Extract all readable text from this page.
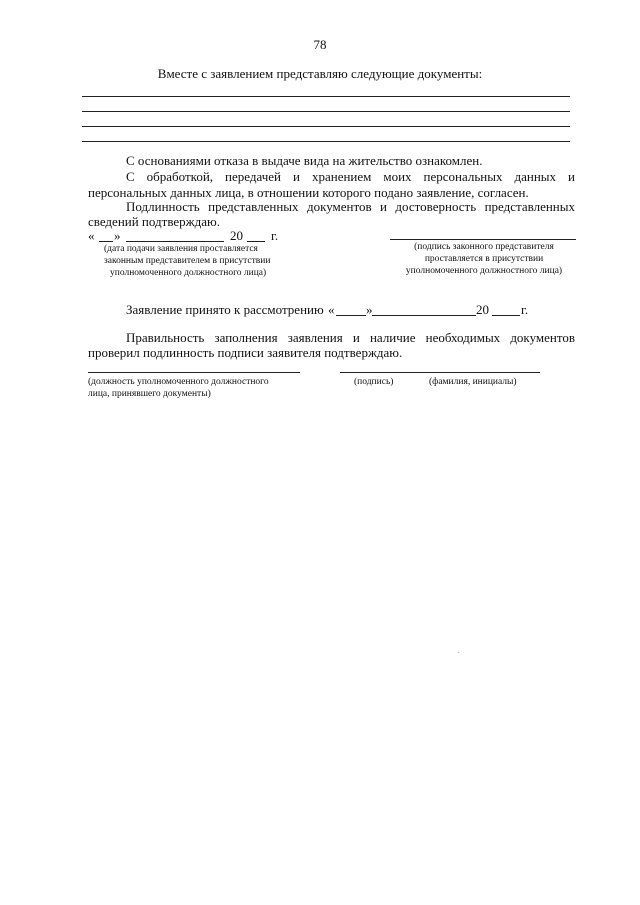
78
Вместе с заявлением представляю следующие документы:
С основаниями отказа в выдаче вида на жительство ознакомлен.
С обработкой, передачей и хранением моих персональных данных и
персональных данных лица, в отношении которого подано заявление, согласен.
Подлинность представленных документов и достоверность представленных
сведений подтверждаю.
« »	20 г.
(дата подачи заявления проставляется
законным представителем в присутствии
уполномоченного должностного лица)
(подпись законного представителя
проставляется в присутствии
уполномоченного должностного лица)
Заявление принято к рассмотрению « »	20 г.
Правильность заполнения заявления и наличие необходимых документов
проверил подлинность подписи заявителя подтверждаю.
(должность уполномоченного должностного
лица, принявшего документы)
(подпись)	(фамилия, инициалы)
